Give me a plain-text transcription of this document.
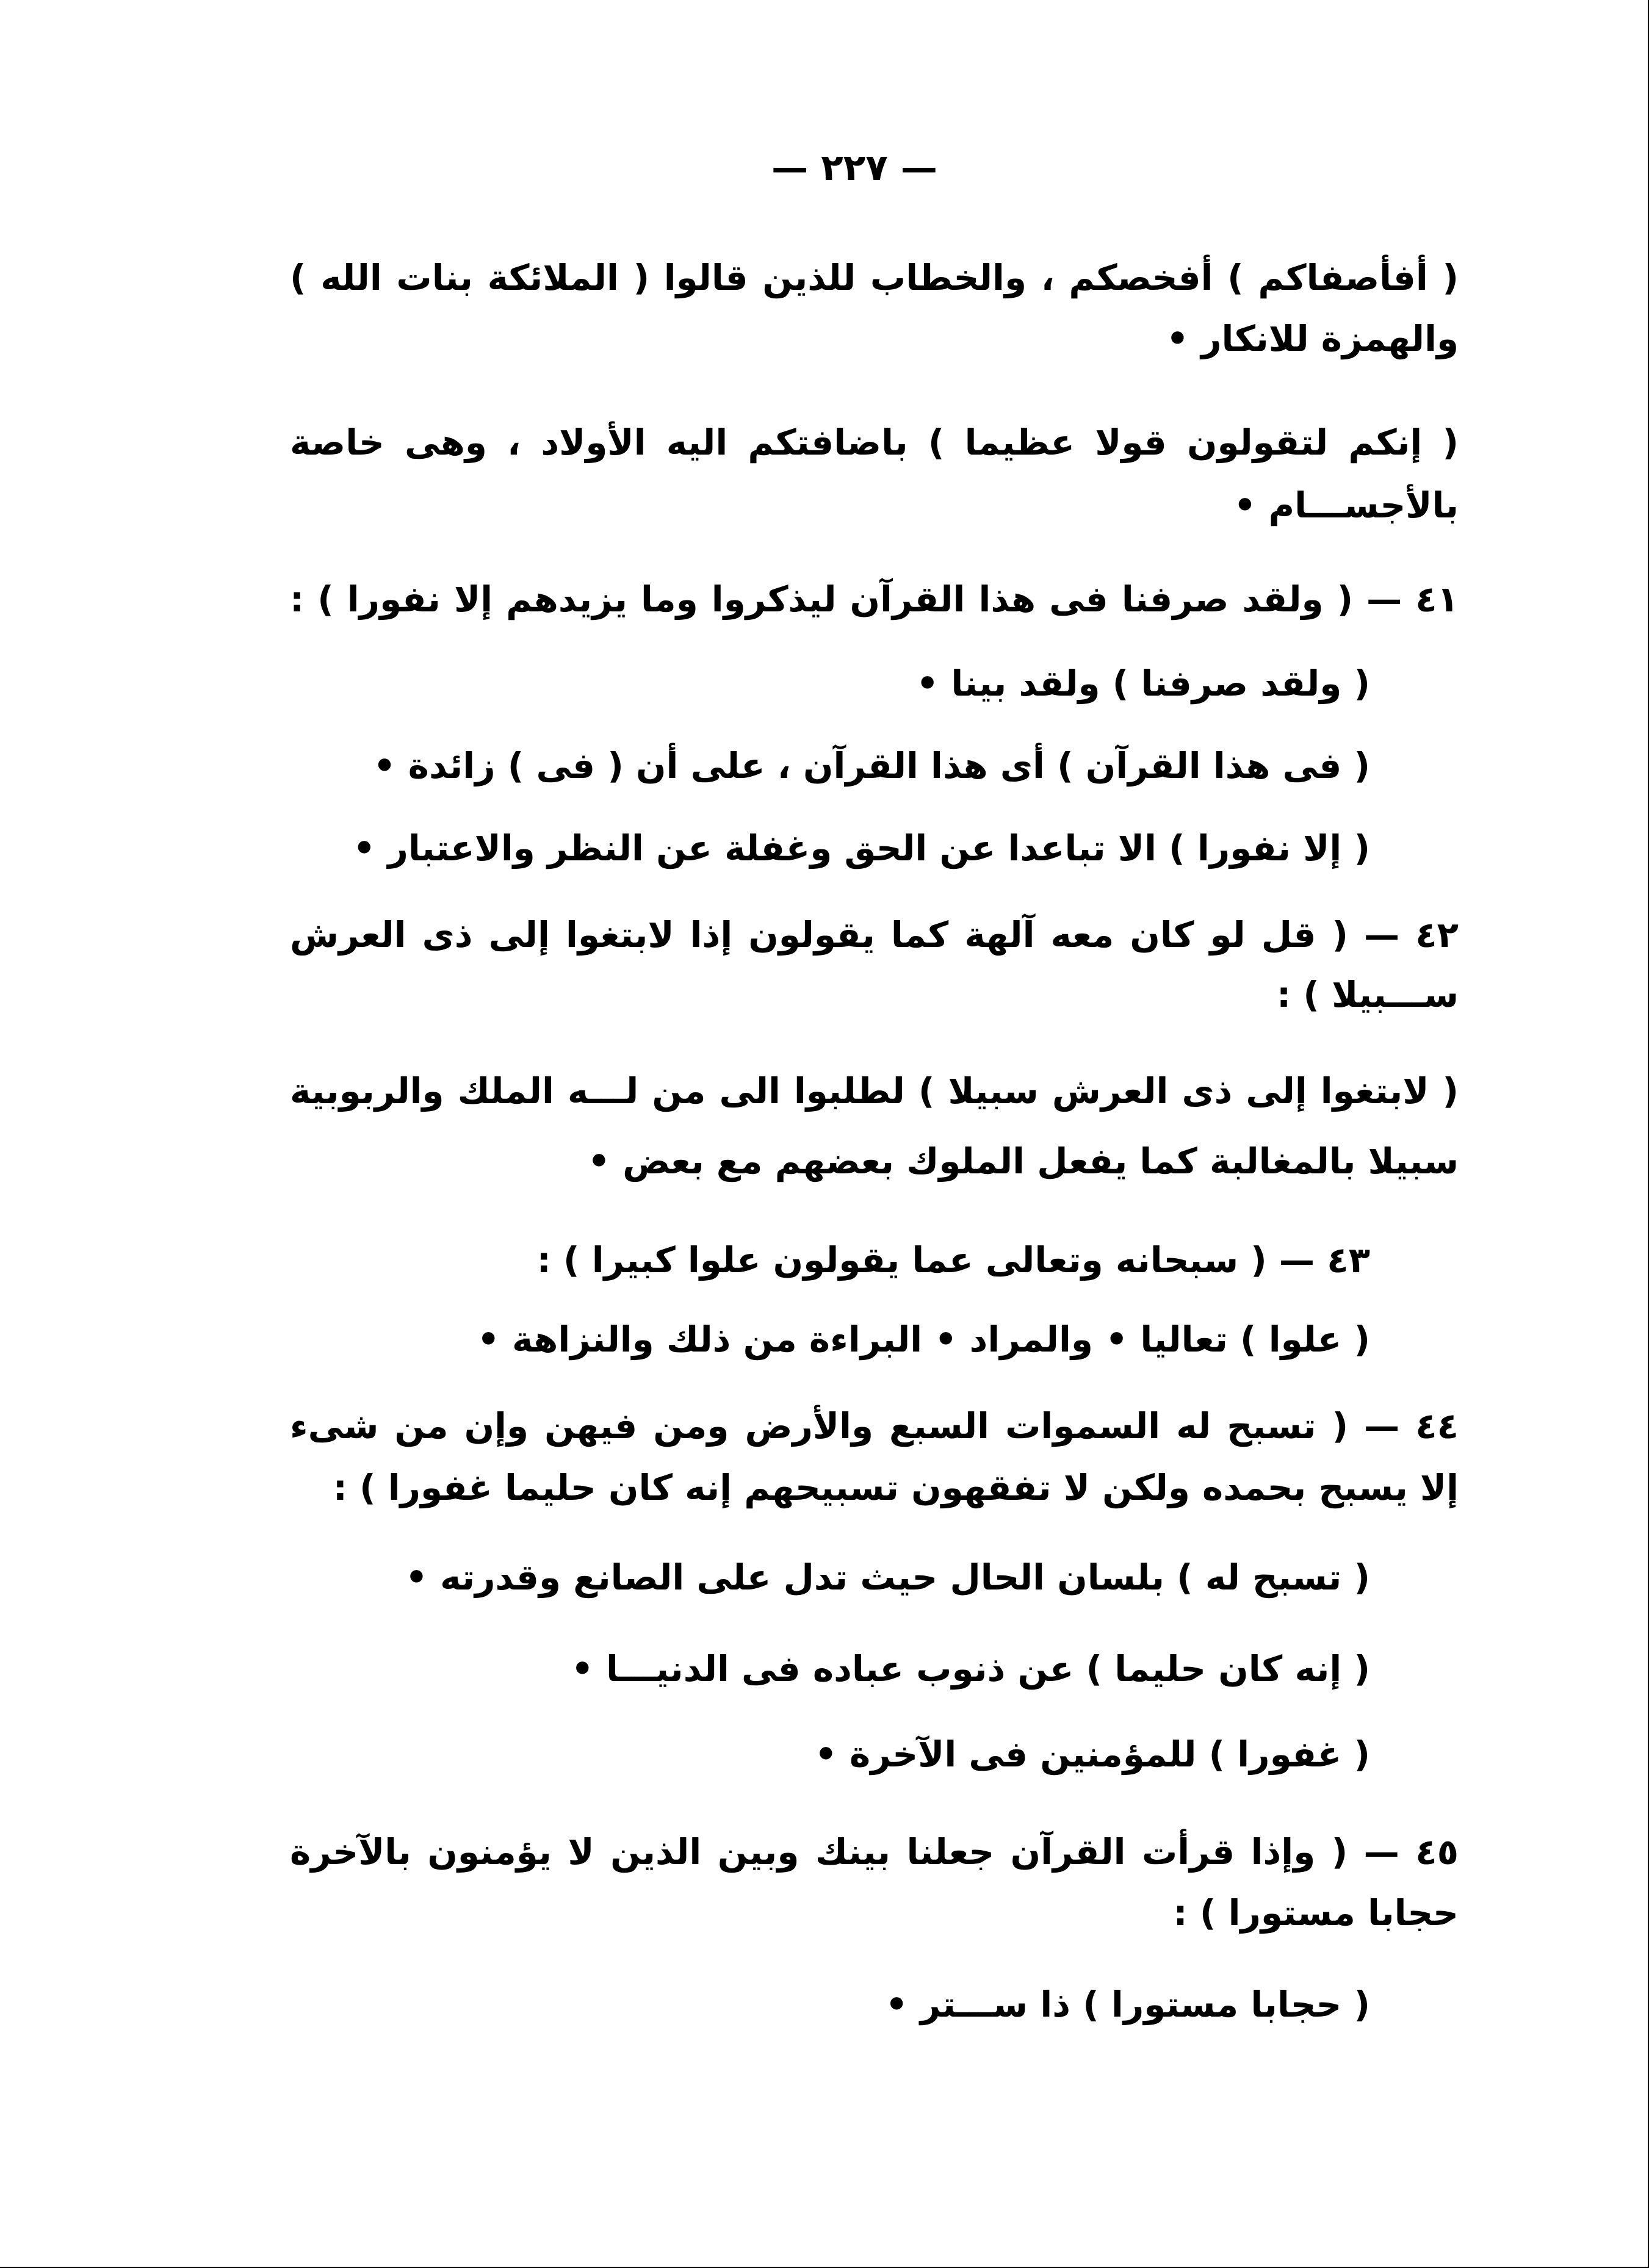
— ٢٢٧ —
( أفأصفاكم ) أفخصكم ، والخطاب للذين قالوا ( الملائكة بنات الله )
والهمزة للانكار •
( إنكم لتقولون قولا عظيما ) باضافتكم اليه الأولاد ، وهى خاصة
بالأجســـام •
٤١ — ( ولقد صرفنا فى هذا القرآن ليذكروا وما يزيدهم إلا نفورا ) :
( ولقد صرفنا ) ولقد بينا •
( فى هذا القرآن ) أى هذا القرآن ، على أن ( فى ) زائدة •
( إلا نفورا ) الا تباعدا عن الحق وغفلة عن النظر والاعتبار •
٤٢ — ( قل لو كان معه آلهة كما يقولون إذا لابتغوا إلى ذى العرش
ســـبيلا ) :
( لابتغوا إلى ذى العرش سبيلا ) لطلبوا الى من لـــه الملك والربوبية
سبيلا بالمغالبة كما يفعل الملوك بعضهم مع بعض •
٤٣ — ( سبحانه وتعالى عما يقولون علوا كبيرا ) :
( علوا ) تعاليا • والمراد • البراءة من ذلك والنزاهة •
٤٤ — ( تسبح له السموات السبع والأرض ومن فيهن وإن من شىء
إلا يسبح بحمده ولكن لا تفقهون تسبيحهم إنه كان حليما غفورا ) :
( تسبح له ) بلسان الحال حيث تدل على الصانع وقدرته •
( إنه كان حليما ) عن ذنوب عباده فى الدنيـــا •
( غفورا ) للمؤمنين فى الآخرة •
٤٥ — ( وإذا قرأت القرآن جعلنا بينك وبين الذين لا يؤمنون بالآخرة
حجابا مستورا ) :
( حجابا مستورا ) ذا ســـتر •
